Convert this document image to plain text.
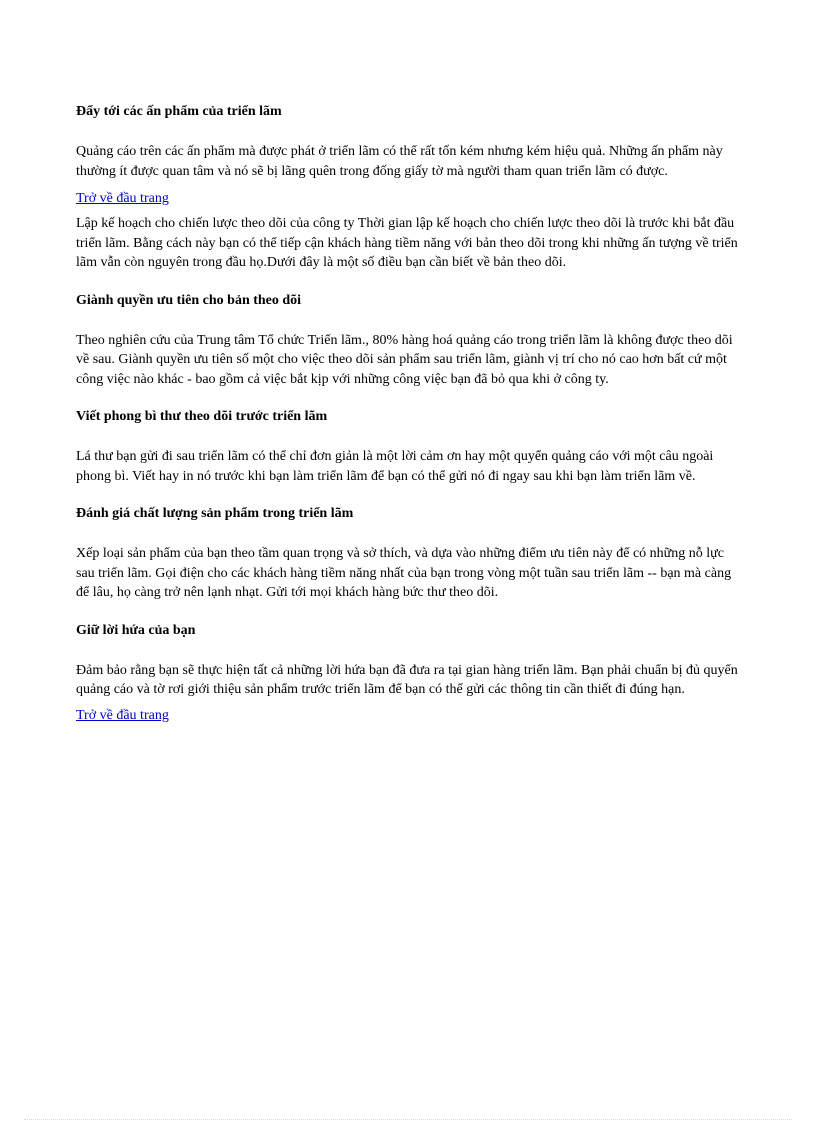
Đẩy tới các ấn phẩm của triển lãm

Quảng cáo trên các ấn phẩm mà được phát ở triển lãm có thể rất tốn kém nhưng kém hiệu quả. Những ấn phẩm này thường ít được quan tâm và nó sẽ bị lãng quên trong đống giấy tờ mà người tham quan triển lãm có được.

Trở về đầu trang

Lập kế hoạch cho chiến lược theo dõi của công ty Thời gian lập kế hoạch cho chiến lược theo dõi là trước khi bắt đầu triển lãm. Bằng cách này bạn có thể tiếp cận khách hàng tiềm năng với bản theo dõi trong khi những ấn tượng về triển lãm vẫn còn nguyên trong đầu họ.Dưới đây là một số điều bạn cần biết về bản theo dõi.

Giành quyền ưu tiên cho bản theo dõi

Theo nghiên cứu của Trung tâm Tổ chức Triển lãm., 80% hàng hoá quảng cáo trong triển lãm là không được theo dõi về sau. Giành quyền ưu tiên số một cho việc theo dõi sản phẩm sau triển lãm, giành vị trí cho nó cao hơn bất cứ một công việc nào khác - bao gồm cả việc bắt kịp với những công việc bạn đã bỏ qua khi ở công ty.

Viết phong bì thư theo dõi trước triển lãm

Lá thư bạn gửi đi sau triển lãm có thể chỉ đơn giản là một lời cảm ơn hay một quyển quảng cáo với một câu ngoài phong bì. Viết hay in nó trước khi bạn làm triển lãm để bạn có thể gửi nó đi ngay sau khi bạn làm triển lãm về.

Đánh giá chất lượng sản phẩm trong triển lãm

Xếp loại sản phẩm của bạn theo tầm quan trọng và sở thích, và dựa vào những điểm ưu tiên này để có những nỗ lực sau triển lãm. Gọi điện cho các khách hàng tiềm năng nhất của bạn trong vòng một tuần sau triển lãm -- bạn mà càng để lâu, họ càng trở nên lạnh nhạt. Gửi tới mọi khách hàng bức thư theo dõi.

Giữ lời hứa của bạn

Đảm bảo rằng bạn sẽ thực hiện tất cả những lời hứa bạn đã đưa ra tại gian hàng triển lãm. Bạn phải chuẩn bị đủ quyển quảng cáo và tờ rơi giới thiệu sản phẩm trước triển lãm để bạn có thể gửi các thông tin cần thiết đi đúng hạn.

Trở về đầu trang
